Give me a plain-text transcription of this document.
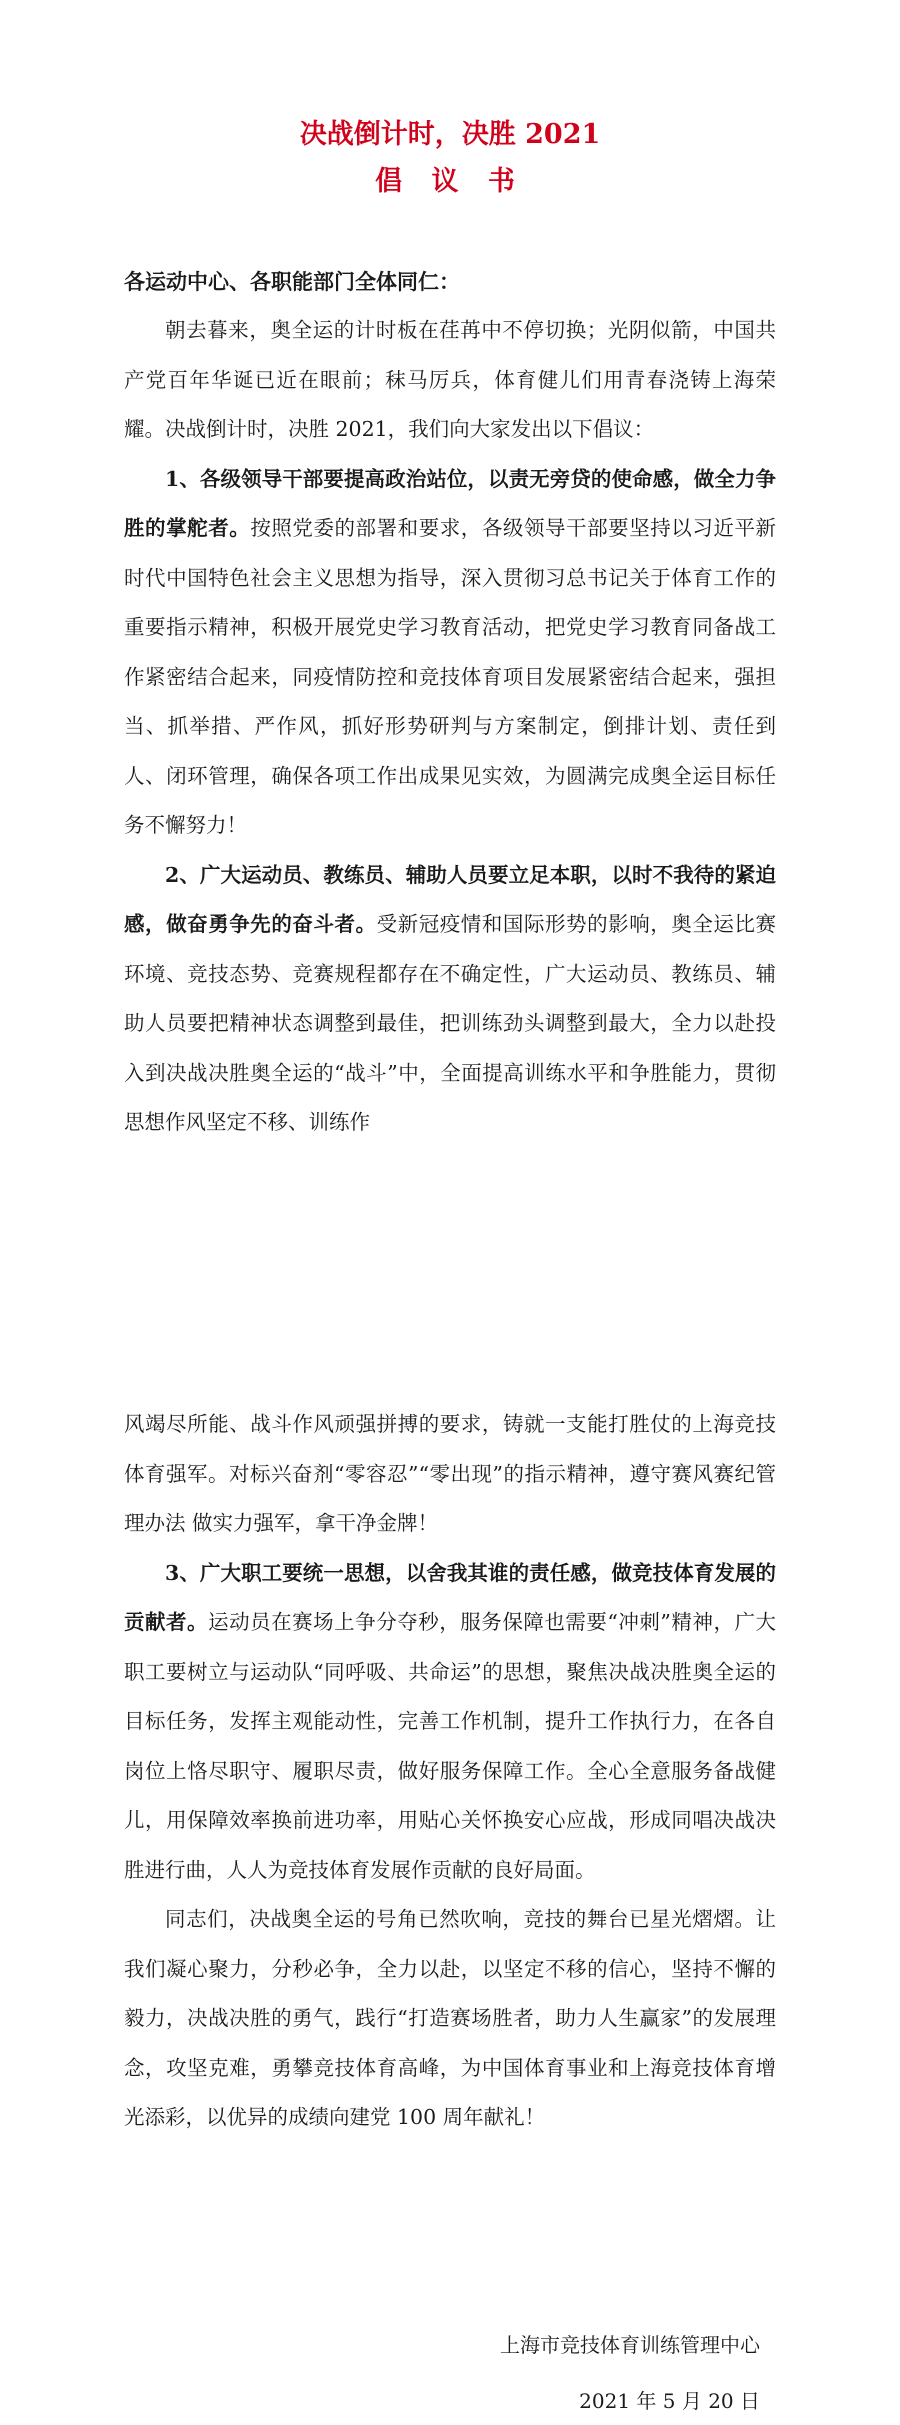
决战倒计时，决胜 2021
倡 议 书
各运动中心、各职能部门全体同仁：

朝去暮来，奥全运的计时板在荏苒中不停切换；光阴似箭，中国共产党百年华诞已近在眼前；秣马厉兵，体育健儿们用青春浇铸上海荣耀。决战倒计时，决胜 2021，我们向大家发出以下倡议：

1、各级领导干部要提高政治站位，以责无旁贷的使命感，做全力争胜的掌舵者。按照党委的部署和要求，各级领导干部要坚持以习近平新时代中国特色社会主义思想为指导，深入贯彻习总书记关于体育工作的重要指示精神，积极开展党史学习教育活动，把党史学习教育同备战工作紧密结合起来，同疫情防控和竞技体育项目发展紧密结合起来，强担当、抓举措、严作风，抓好形势研判与方案制定，倒排计划、责任到人、闭环管理，确保各项工作出成果见实效，为圆满完成奥全运目标任务不懈努力！

2、广大运动员、教练员、辅助人员要立足本职，以时不我待的紧迫感，做奋勇争先的奋斗者。受新冠疫情和国际形势的影响，奥全运比赛环境、竞技态势、竞赛规程都存在不确定性，广大运动员、教练员、辅助人员要把精神状态调整到最佳，把训练劲头调整到最大，全力以赴投入到决战决胜奥全运的“战斗”中，全面提高训练水平和争胜能力，贯彻思想作风坚定不移、训练作

风竭尽所能、战斗作风顽强拼搏的要求，铸就一支能打胜仗的上海竞技体育强军。对标兴奋剂“零容忍”“零出现”的指示精神，遵守赛风赛纪管理办法 做实力强军，拿干净金牌！

3、广大职工要统一思想，以舍我其谁的责任感，做竞技体育发展的贡献者。运动员在赛场上争分夺秒，服务保障也需要“冲刺”精神，广大职工要树立与运动队“同呼吸、共命运”的思想，聚焦决战决胜奥全运的目标任务，发挥主观能动性，完善工作机制，提升工作执行力，在各自岗位上恪尽职守、履职尽责，做好服务保障工作。全心全意服务备战健儿，用保障效率换前进功率，用贴心关怀换安心应战，形成同唱决战决胜进行曲，人人为竞技体育发展作贡献的良好局面。

同志们，决战奥全运的号角已然吹响，竞技的舞台已星光熠熠。让我们凝心聚力，分秒必争，全力以赴，以坚定不移的信心，坚持不懈的毅力，决战决胜的勇气，践行“打造赛场胜者，助力人生赢家”的发展理念，攻坚克难，勇攀竞技体育高峰，为中国体育事业和上海竞技体育增光添彩，以优异的成绩向建党 100 周年献礼！

上海市竞技体育训练管理中心
2021 年 5 月 20 日
